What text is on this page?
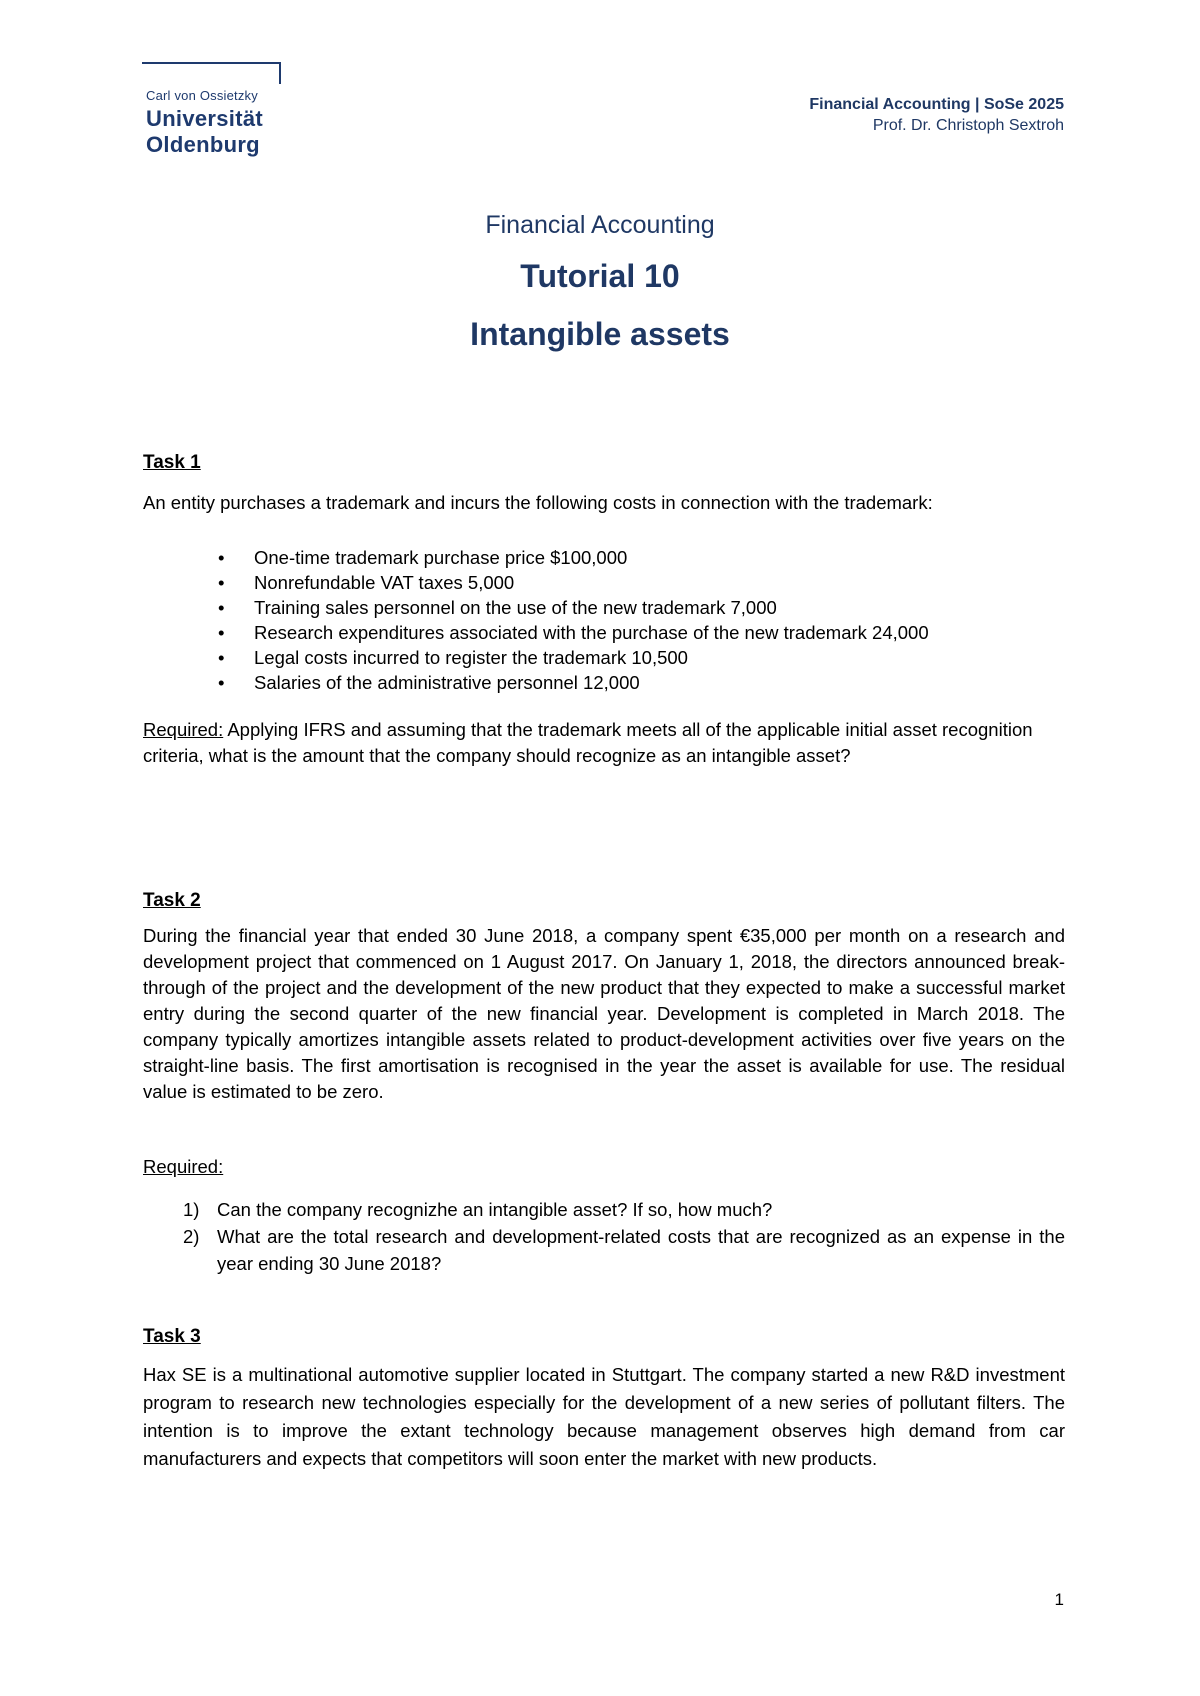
Carl von Ossietzky
Universität
Oldenburg
Financial Accounting | SoSe 2025
Prof. Dr. Christoph Sextroh
Financial Accounting
Tutorial 10
Intangible assets
Task 1
An entity purchases a trademark and incurs the following costs in connection with the trademark:
• One-time trademark purchase price $100,000
• Nonrefundable VAT taxes 5,000
• Training sales personnel on the use of the new trademark 7,000
• Research expenditures associated with the purchase of the new trademark 24,000
• Legal costs incurred to register the trademark 10,500
• Salaries of the administrative personnel 12,000
Required: Applying IFRS and assuming that the trademark meets all of the applicable initial asset recognition criteria, what is the amount that the company should recognize as an intangible asset?
Task 2
During the financial year that ended 30 June 2018, a company spent €35,000 per month on a research and development project that commenced on 1 August 2017. On January 1, 2018, the directors announced break-through of the project and the development of the new product that they expected to make a successful market entry during the second quarter of the new financial year. Development is completed in March 2018. The company typically amortizes intangible assets related to product-development activities over five years on the straight-line basis. The first amortisation is recognised in the year the asset is available for use. The residual value is estimated to be zero.
Required:
1) Can the company recognizhe an intangible asset? If so, how much?
2) What are the total research and development-related costs that are recognized as an expense in the year ending 30 June 2018?
Task 3
Hax SE is a multinational automotive supplier located in Stuttgart. The company started a new R&D investment program to research new technologies especially for the development of a new series of pollutant filters. The intention is to improve the extant technology because management observes high demand from car manufacturers and expects that competitors will soon enter the market with new products.
1
